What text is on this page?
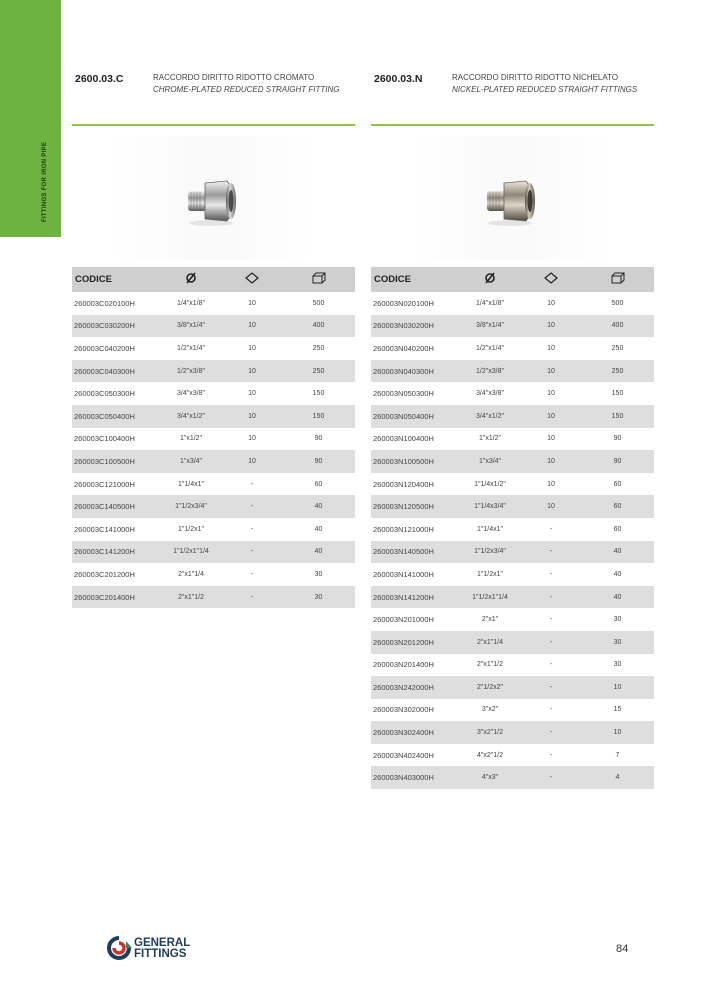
FITTINGS FOR IRON PIPE
2600.03.C	RACCORDO DIRITTO RIDOTTO CROMATO
CHROME-PLATED REDUCED STRAIGHT FITTING
CODICE			
260003C020100H	1/4"x1/8"	10	500
260003C030200H	3/8"x1/4"	10	400
260003C040200H	1/2"x1/4"	10	250
260003C040300H	1/2"x3/8"	10	250
260003C050300H	3/4"x3/8"	10	150
260003C050400H	3/4"x1/2"	10	150
260003C100400H	1"x1/2"	10	90
260003C100500H	1"x3/4"	10	90
260003C121000H	1"1/4x1"	-	60
260003C140500H	1"1/2x3/4"	-	40
260003C141000H	1"1/2x1"	-	40
260003C141200H	1"1/2x1"1/4	-	40
260003C201200H	2"x1"1/4	-	30
260003C201400H	2"x1"1/2	-	30
2600.03.N	RACCORDO DIRITTO RIDOTTO NICHELATO
NICKEL-PLATED REDUCED STRAIGHT FITTINGS
CODICE			
260003N020100H	1/4"x1/8"	10	500
260003N030200H	3/8"x1/4"	10	400
260003N040200H	1/2"x1/4"	10	250
260003N040300H	1/2"x3/8"	10	250
260003N050300H	3/4"x3/8"	10	150
260003N050400H	3/4"x1/2"	10	150
260003N100400H	1"x1/2"	10	90
260003N100500H	1"x3/4"	10	90
260003N120400H	1"1/4x1/2"	10	60
260003N120500H	1"1/4x3/4"	10	60
260003N121000H	1"1/4x1"	-	60
260003N140500H	1"1/2x3/4"	-	40
260003N141000H	1"1/2x1"	-	40
260003N141200H	1"1/2x1"1/4	-	40
260003N201000H	2"x1"	-	30
260003N201200H	2"x1"1/4	-	30
260003N201400H	2"x1"1/2	-	30
260003N242000H	2"1/2x2"	-	10
260003N302000H	3"x2"	-	15
260003N302400H	3"x2"1/2	-	10
260003N402400H	4"x2"1/2	-	7
260003N403000H	4"x3"	-	4
GENERAL
FITTINGS	84
